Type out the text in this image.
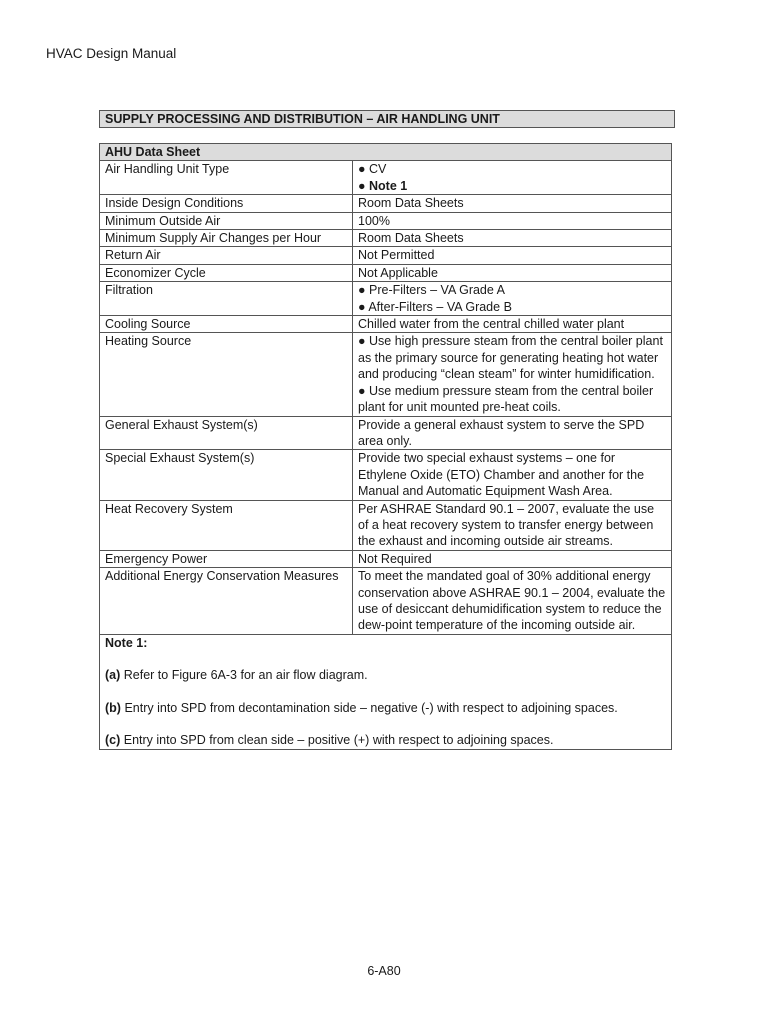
HVAC Design Manual
SUPPLY PROCESSING AND DISTRIBUTION – AIR HANDLING UNIT
AHU Data Sheet	
Air Handling Unit Type	● CV
● Note 1

Inside Design Conditions	Room Data Sheets
Minimum Outside Air	100%
Minimum Supply Air Changes per Hour	Room Data Sheets
Return Air	Not Permitted
Economizer Cycle	Not Applicable
Filtration	● Pre-Filters – VA Grade A
● After-Filters – VA Grade B

Cooling Source	Chilled water from the central chilled water plant
Heating Source	● Use high pressure steam from the central boiler plant as the primary source for generating heating hot water and producing “clean steam” for winter humidification.
● Use medium pressure steam from the central boiler plant for unit mounted pre-heat coils.

General Exhaust System(s)	Provide a general exhaust system to serve the SPD area only.
Special Exhaust System(s)	Provide two special exhaust systems – one for Ethylene Oxide (ETO) Chamber and another for the Manual and Automatic Equipment Wash Area.
Heat Recovery System	Per ASHRAE Standard 90.1 – 2007, evaluate the use of a heat recovery system to transfer energy between the exhaust and incoming outside air streams.
Emergency Power	Not Required
Additional Energy Conservation Measures	To meet the mandated goal of 30% additional energy conservation above ASHRAE 90.1 – 2004, evaluate the use of desiccant dehumidification system to reduce the dew-point temperature of the incoming outside air.

Note 1:
(a) Refer to Figure 6A-3 for an air flow diagram.
(b) Entry into SPD from decontamination side – negative (-) with respect to adjoining spaces.
(c) Entry into SPD from clean side – positive (+) with respect to adjoining spaces.	
6-A80
